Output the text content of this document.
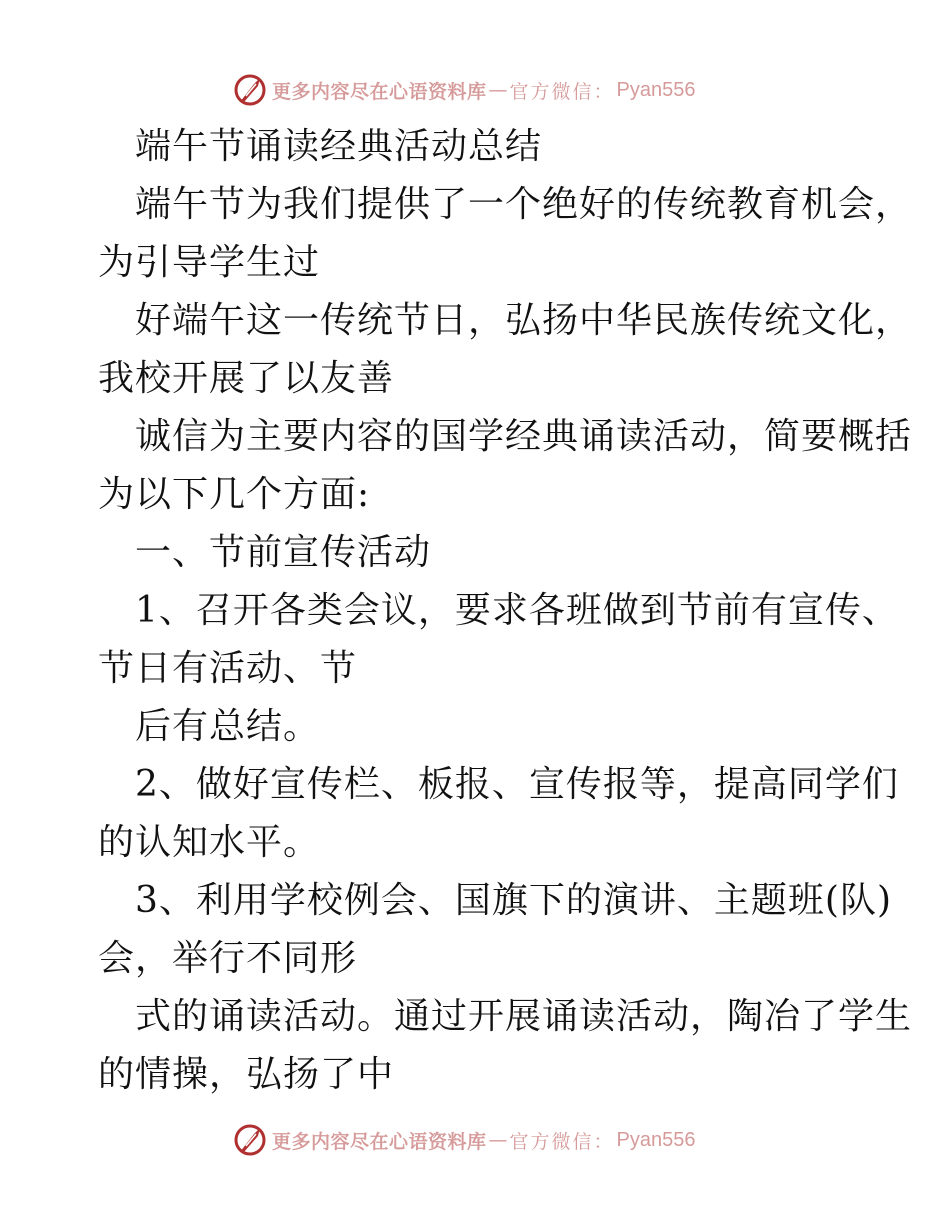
更多内容尽在心语资料库 — 官方微信： Pyan556
端午节诵读经典活动总结
端午节为我们提供了一个绝好的传统教育机会，
为引导学生过
好端午这一传统节日，弘扬中华民族传统文化，
我校开展了以友善
诚信为主要内容的国学经典诵读活动，简要概括
为以下几个方面:
一、节前宣传活动
1、召开各类会议，要求各班做到节前有宣传、
节日有活动、节
后有总结。
2、做好宣传栏、板报、宣传报等，提高同学们
的认知水平。
3、利用学校例会、国旗下的演讲、主题班(队)
会，举行不同形
式的诵读活动。通过开展诵读活动，陶冶了学生
的情操，弘扬了中
更多内容尽在心语资料库 — 官方微信： Pyan556
